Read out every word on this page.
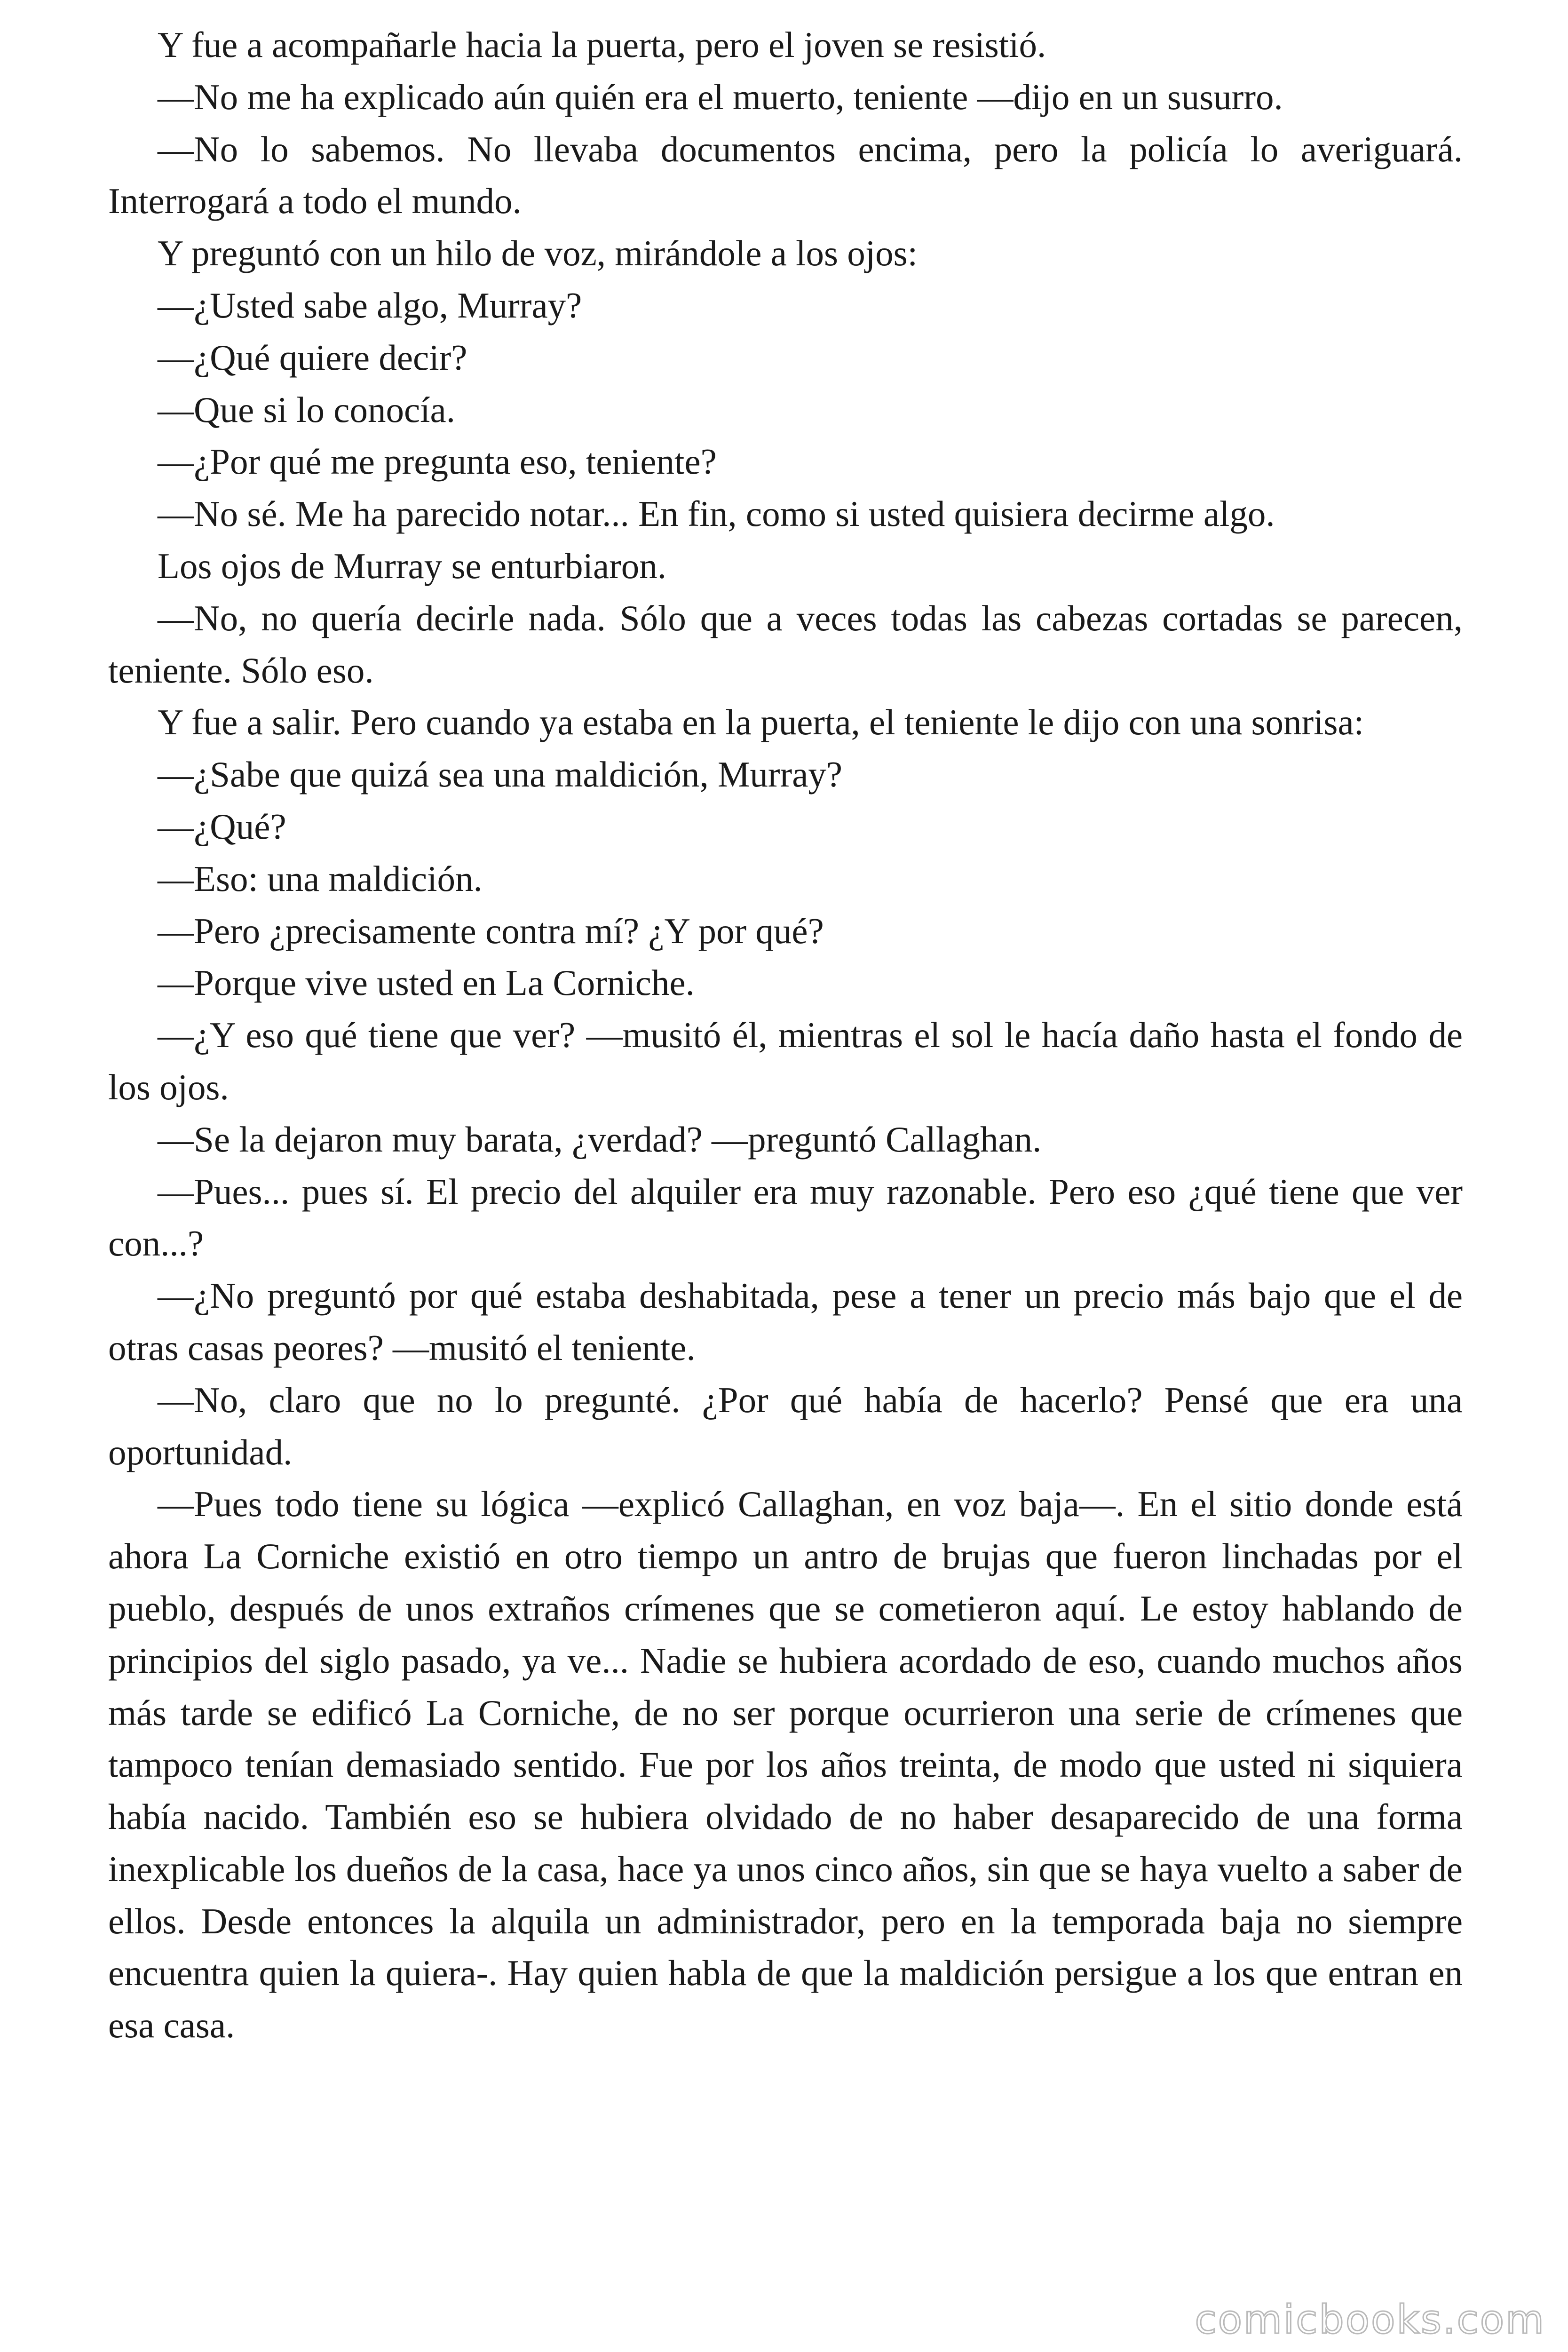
Y fue a acompañarle hacia la puerta, pero el joven se resistió.

—No me ha explicado aún quién era el muerto, teniente —dijo en un susurro.

—No lo sabemos. No llevaba documentos encima, pero la policía lo averiguará. Interrogará a todo el mundo.

Y preguntó con un hilo de voz, mirándole a los ojos:

—¿Usted sabe algo, Murray?

—¿Qué quiere decir?

—Que si lo conocía.

—¿Por qué me pregunta eso, teniente?

—No sé. Me ha parecido notar... En fin, como si usted quisiera decirme algo.

Los ojos de Murray se enturbiaron.

—No, no quería decirle nada. Sólo que a veces todas las cabezas cortadas se parecen, teniente. Sólo eso.

Y fue a salir. Pero cuando ya estaba en la puerta, el teniente le dijo con una sonrisa:

—¿Sabe que quizá sea una maldición, Murray?

—¿Qué?

—Eso: una maldición.

—Pero ¿precisamente contra mí? ¿Y por qué?

—Porque vive usted en La Corniche.

—¿Y eso qué tiene que ver? —musitó él, mientras el sol le hacía daño hasta el fondo de los ojos.

—Se la dejaron muy barata, ¿verdad? —preguntó Callaghan.

—Pues... pues sí. El precio del alquiler era muy razonable. Pero eso ¿qué tiene que ver con...?

—¿No preguntó por qué estaba deshabitada, pese a tener un precio más bajo que el de otras casas peores? —musitó el teniente.

—No, claro que no lo pregunté. ¿Por qué había de hacerlo? Pensé que era una oportunidad.

—Pues todo tiene su lógica —explicó Callaghan, en voz baja—. En el sitio donde está ahora La Corniche existió en otro tiempo un antro de brujas que fueron linchadas por el pueblo, después de unos extraños crímenes que se cometieron aquí. Le estoy hablando de principios del siglo pasado, ya ve... Nadie se hubiera acordado de eso, cuando muchos años más tarde se edificó La Corniche, de no ser porque ocurrieron una serie de crímenes que tampoco tenían demasiado sentido. Fue por los años treinta, de modo que usted ni siquiera había nacido. También eso se hubiera olvidado de no haber desaparecido de una forma inexplicable los dueños de la casa, hace ya unos cinco años, sin que se haya vuelto a saber de ellos. Desde entonces la alquila un administrador, pero en la temporada baja no siempre encuentra quien la quiera-. Hay quien habla de que la maldición persigue a los que entran en esa casa.

comicbooks.com
